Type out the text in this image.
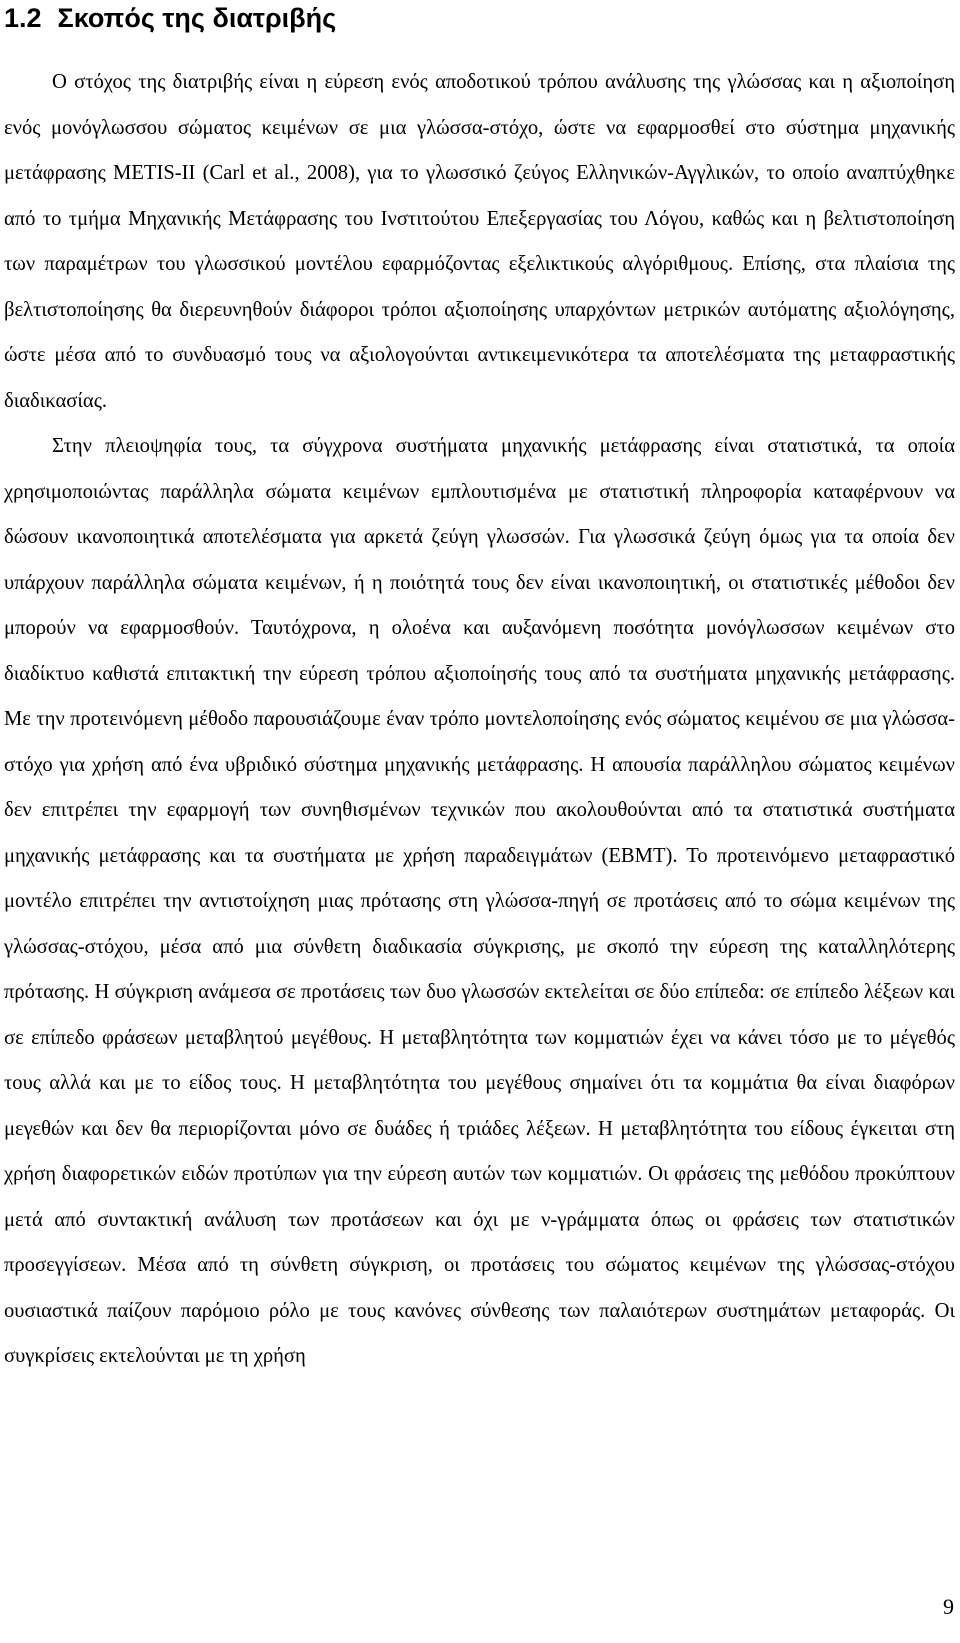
1.2 Σκοπός της διατριβής

Ο στόχος της διατριβής είναι η εύρεση ενός αποδοτικού τρόπου ανάλυσης της γλώσσας και η αξιοποίηση ενός μονόγλωσσου σώματος κειμένων σε μια γλώσσα-στόχο, ώστε να εφαρμοσθεί στο σύστημα μηχανικής μετάφρασης METIS-II (Carl et al., 2008), για το γλωσσικό ζεύγος Ελληνικών-Αγγλικών, το οποίο αναπτύχθηκε από το τμήμα Μηχανικής Μετάφρασης του Ινστιτούτου Επεξεργασίας του Λόγου, καθώς και η βελτιστοποίηση των παραμέτρων του γλωσσικού μοντέλου εφαρμόζοντας εξελικτικούς αλγόριθμους. Επίσης, στα πλαίσια της βελτιστοποίησης θα διερευνηθούν διάφοροι τρόποι αξιοποίησης υπαρχόντων μετρικών αυτόματης αξιολόγησης, ώστε μέσα από το συνδυασμό τους να αξιολογούνται αντικειμενικότερα τα αποτελέσματα της μεταφραστικής διαδικασίας.

Στην πλειοψηφία τους, τα σύγχρονα συστήματα μηχανικής μετάφρασης είναι στατιστικά, τα οποία χρησιμοποιώντας παράλληλα σώματα κειμένων εμπλουτισμένα με στατιστική πληροφορία καταφέρνουν να δώσουν ικανοποιητικά αποτελέσματα για αρκετά ζεύγη γλωσσών. Για γλωσσικά ζεύγη όμως για τα οποία δεν υπάρχουν παράλληλα σώματα κειμένων, ή η ποιότητά τους δεν είναι ικανοποιητική, οι στατιστικές μέθοδοι δεν μπορούν να εφαρμοσθούν. Ταυτόχρονα, η ολοένα και αυξανόμενη ποσότητα μονόγλωσσων κειμένων στο διαδίκτυο καθιστά επιτακτική την εύρεση τρόπου αξιοποίησής τους από τα συστήματα μηχανικής μετάφρασης. Με την προτεινόμενη μέθοδο παρουσιάζουμε έναν τρόπο μοντελοποίησης ενός σώματος κειμένου σε μια γλώσσα-στόχο για χρήση από ένα υβριδικό σύστημα μηχανικής μετάφρασης. Η απουσία παράλληλου σώματος κειμένων δεν επιτρέπει την εφαρμογή των συνηθισμένων τεχνικών που ακολουθούνται από τα στατιστικά συστήματα μηχανικής μετάφρασης και τα συστήματα με χρήση παραδειγμάτων (EBMT). Το προτεινόμενο μεταφραστικό μοντέλο επιτρέπει την αντιστοίχηση μιας πρότασης στη γλώσσα-πηγή σε προτάσεις από το σώμα κειμένων της γλώσσας-στόχου, μέσα από μια σύνθετη διαδικασία σύγκρισης, με σκοπό την εύρεση της καταλληλότερης πρότασης. Η σύγκριση ανάμεσα σε προτάσεις των δυο γλωσσών εκτελείται σε δύο επίπεδα: σε επίπεδο λέξεων και σε επίπεδο φράσεων μεταβλητού μεγέθους. Η μεταβλητότητα των κομματιών έχει να κάνει τόσο με το μέγεθός τους αλλά και με το είδος τους. Η μεταβλητότητα του μεγέθους σημαίνει ότι τα κομμάτια θα είναι διαφόρων μεγεθών και δεν θα περιορίζονται μόνο σε δυάδες ή τριάδες λέξεων. Η μεταβλητότητα του είδους έγκειται στη χρήση διαφορετικών ειδών προτύπων για την εύρεση αυτών των κομματιών. Οι φράσεις της μεθόδου προκύπτουν μετά από συντακτική ανάλυση των προτάσεων και όχι με ν-γράμματα όπως οι φράσεις των στατιστικών προσεγγίσεων. Μέσα από τη σύνθετη σύγκριση, οι προτάσεις του σώματος κειμένων της γλώσσας-στόχου ουσιαστικά παίζουν παρόμοιο ρόλο με τους κανόνες σύνθεσης των παλαιότερων συστημάτων μεταφοράς. Οι συγκρίσεις εκτελούνται με τη χρήση

9
